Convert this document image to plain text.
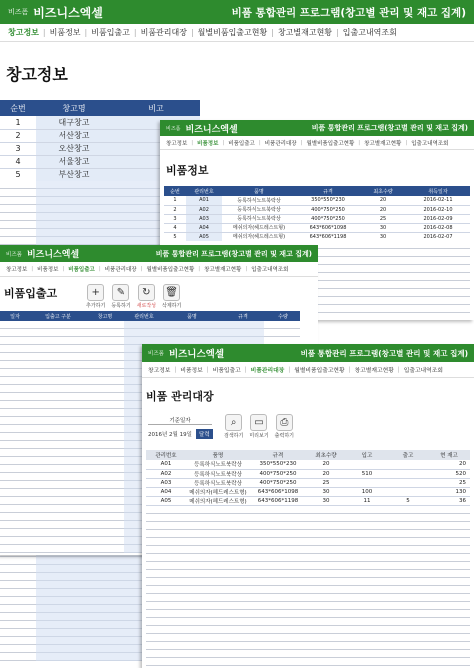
비즈폼 비즈니스엑셀	비품 통합관리 프로그램(창고별 관리 및 재고 집계)
창고정보 | 비품정보 | 비품입출고 | 비품관리대장 | 월별비품입출고현황 | 창고별재고현황 | 입출고내역조회
창고정보
순번	창고명	비고
1	대구창고	
2	서산창고	
3	오산창고	
4	서울창고	
5	부산창고	
비즈폼 비즈니스엑셀	비품 통합관리 프로그램(창고별 관리 및 재고 집계)
창고정보 | 비품정보 | 비품입출고 | 비품관리대장 | 월별비품입출고현황 | 창고별재고현황 | 입출고내역조회
비품정보
순번	관리번호	품명	규격	최초수량	취득일자
1	A01	등록하식노트북락상	350*550*230	20	2016-02-11
2	A02	등록하식노트북락상	400*750*250	20	2016-02-10
3	A03	등록하식노트북락상	400*750*250	25	2016-02-09
4	A04	메쉬의자(헤드레스트형)	643*606*1098	30	2016-02-08
5	A05	메쉬의자(헤드레스트형)	643*606*1198	30	2016-02-07
비즈폼 비즈니스엑셀	비품 통합관리 프로그램(창고별 관리 및 재고 집계)
창고정보 | 비품정보 | 비품입출고 | 비품관리대장 | 월별비품입출고현황 | 창고별재고현황 | 입출고내역조회
비품입출고	+
추가하기
✎
등록하기
↻
새로작성
🗑
삭제하기
일자	입출고 구분	창고명	관리번호	품명	규격	수량
비즈폼 비즈니스엑셀	비품 통합관리 프로그램(창고별 관리 및 재고 집계)
창고정보 | 비품정보 | 비품입출고 | 비품관리대장 | 월별비품입출고현황 | 창고별재고현황 | 입출고내역조회
비품 관리대장
기준일자
2016년 2월 19일	달력
⌕
검색하기
▭
미리보기
⎙
출력하기
관리번호	품명	규격	최초수량	입고	출고	현 재고
A01	등록하식노트북락상	350*550*230	20			20
A02	등록하식노트북락상	400*750*250	20	510		520
A03	등록하식노트북락상	400*750*250	25			25
A04	메쉬의자(헤드레스트형)	643*606*1098	30	100		130
A05	메쉬의자(헤드레스트형)	643*606*1198	30	11	5	36
